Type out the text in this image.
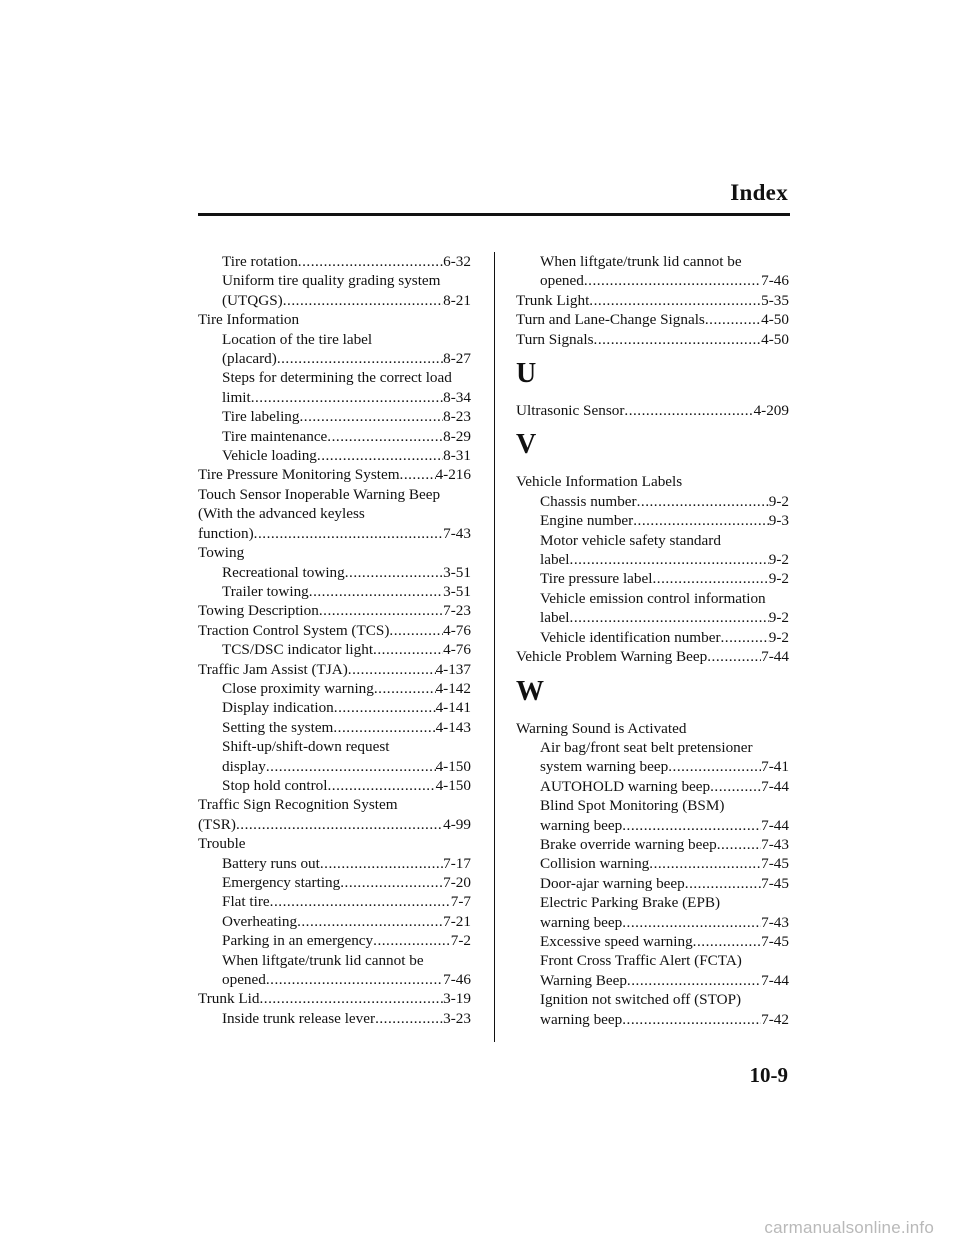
Index
Tire rotation .....	6-32
Uniform tire quality grading system
(UTQGS) .....	8-21
Tire Information
Location of the tire label
(placard) .....	8-27
Steps for determining the correct load
limit .....	8-34
Tire labeling .....	8-23
Tire maintenance .....	8-29
Vehicle loading .....	8-31
Tire Pressure Monitoring System ..... 4-216
Touch Sensor Inoperable Warning Beep
(With the advanced keyless
function) .....	7-43
Towing
Recreational towing .....	3-51
Trailer towing .....	3-51
Towing Description .....	7-23
Traction Control System (TCS) .....	4-76
TCS/DSC indicator light .....	4-76
Traffic Jam Assist (TJA) .....	4-137
Close proximity warning .....	4-142
Display indication .....	4-141
Setting the system .....	4-143
Shift-up/shift-down request
display .....	4-150
Stop hold control .....	4-150
Traffic Sign Recognition System
(TSR) .....	4-99
Trouble
Battery runs out .....	7-17
Emergency starting .....	7-20
Flat tire .....	7-7
Overheating .....	7-21
Parking in an emergency .....	7-2
When liftgate/trunk lid cannot be
opened .....	7-46
Trunk Lid .....	3-19
Inside trunk release lever .....	3-23
When liftgate/trunk lid cannot be
opened .....	7-46
Trunk Light .....	5-35
Turn and Lane-Change Signals .....	4-50
Turn Signals .....	4-50
U
Ultrasonic Sensor .....	4-209
V
Vehicle Information Labels
Chassis number .....	9-2
Engine number .....	9-3
Motor vehicle safety standard
label .....	9-2
Tire pressure label .....	9-2
Vehicle emission control information
label .....	9-2
Vehicle identification number .....	9-2
Vehicle Problem Warning Beep .....	7-44
W
Warning Sound is Activated
Air bag/front seat belt pretensioner
system warning beep .....	7-41
AUTOHOLD warning beep .....	7-44
Blind Spot Monitoring (BSM)
warning beep .....	7-44
Brake override warning beep .....	7-43
Collision warning .....	7-45
Door-ajar warning beep .....	7-45
Electric Parking Brake (EPB)
warning beep .....	7-43
Excessive speed warning .....	7-45
Front Cross Traffic Alert (FCTA)
Warning Beep .....	7-44
Ignition not switched off (STOP)
warning beep .....	7-42
10-9
carmanualsonline.info
